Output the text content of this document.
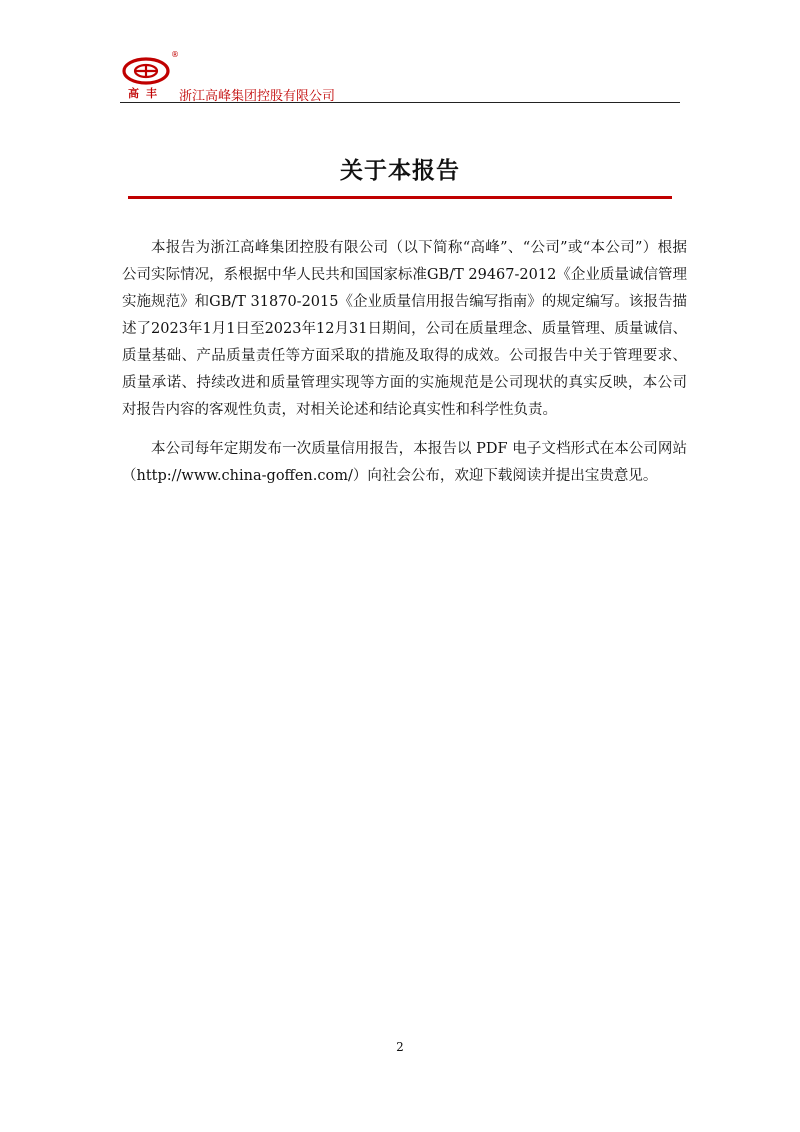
®
高丰 浙江高峰集团控股有限公司
关于本报告

本报告为浙江高峰集团控股有限公司（以下简称“高峰”、“公司”或“本公司”）根据公司实际情况，系根据中华人民共和国国家标准GB/T 29467-2012《企业质量诚信管理实施规范》和GB/T 31870-2015《企业质量信用报告编写指南》的规定编写。该报告描述了2023年1月1日至2023年12月31日期间，公司在质量理念、质量管理、质量诚信、质量基础、产品质量责任等方面采取的措施及取得的成效。公司报告中关于管理要求、质量承诺、持续改进和质量管理实现等方面的实施规范是公司现状的真实反映，本公司对报告内容的客观性负责，对相关论述和结论真实性和科学性负责。

本公司每年定期发布一次质量信用报告，本报告以 PDF 电子文档形式在本公司网站（http://www.china-goffen.com/）向社会公布，欢迎下载阅读并提出宝贵意见。

2
